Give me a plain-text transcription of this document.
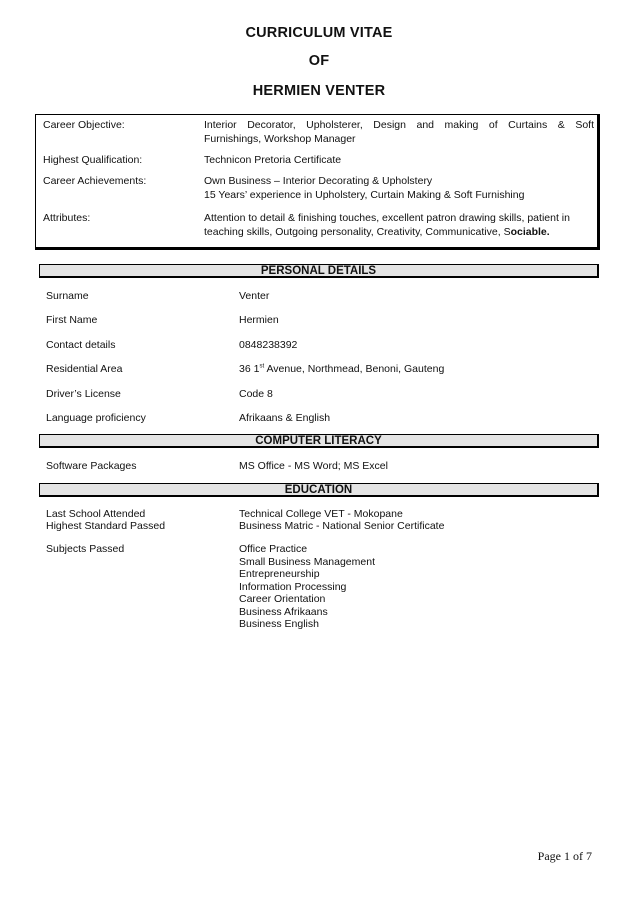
CURRICULUM VITAE
OF
HERMIEN VENTER
Career Objective:	Interior Decorator, Upholsterer, Design and making of Curtains & Soft
Furnishings, Workshop Manager
Highest Qualification:	Technicon Pretoria Certificate
Career Achievements:	Own Business – Interior Decorating & Upholstery
15 Years’ experience in Upholstery, Curtain Making & Soft Furnishing
Attributes:	Attention to detail & finishing touches, excellent patron drawing skills, patient in
teaching skills, Outgoing personality, Creativity, Communicative, Sociable.
PERSONAL DETAILS
Surname	Venter
First Name	Hermien
Contact details	0848238392
Residential Area	36 1st Avenue, Northmead, Benoni, Gauteng
Driver’s License	Code 8
Language proficiency	Afrikaans & English
COMPUTER LITERACY
Software Packages	MS Office - MS Word; MS Excel
EDUCATION
Last School Attended	Technical College VET - Mokopane
Highest Standard Passed	Business Matric - National Senior Certificate
Subjects Passed	Office Practice
Small Business Management
Entrepreneurship
Information Processing
Career Orientation
Business Afrikaans
Business English
Page 1 of 7
